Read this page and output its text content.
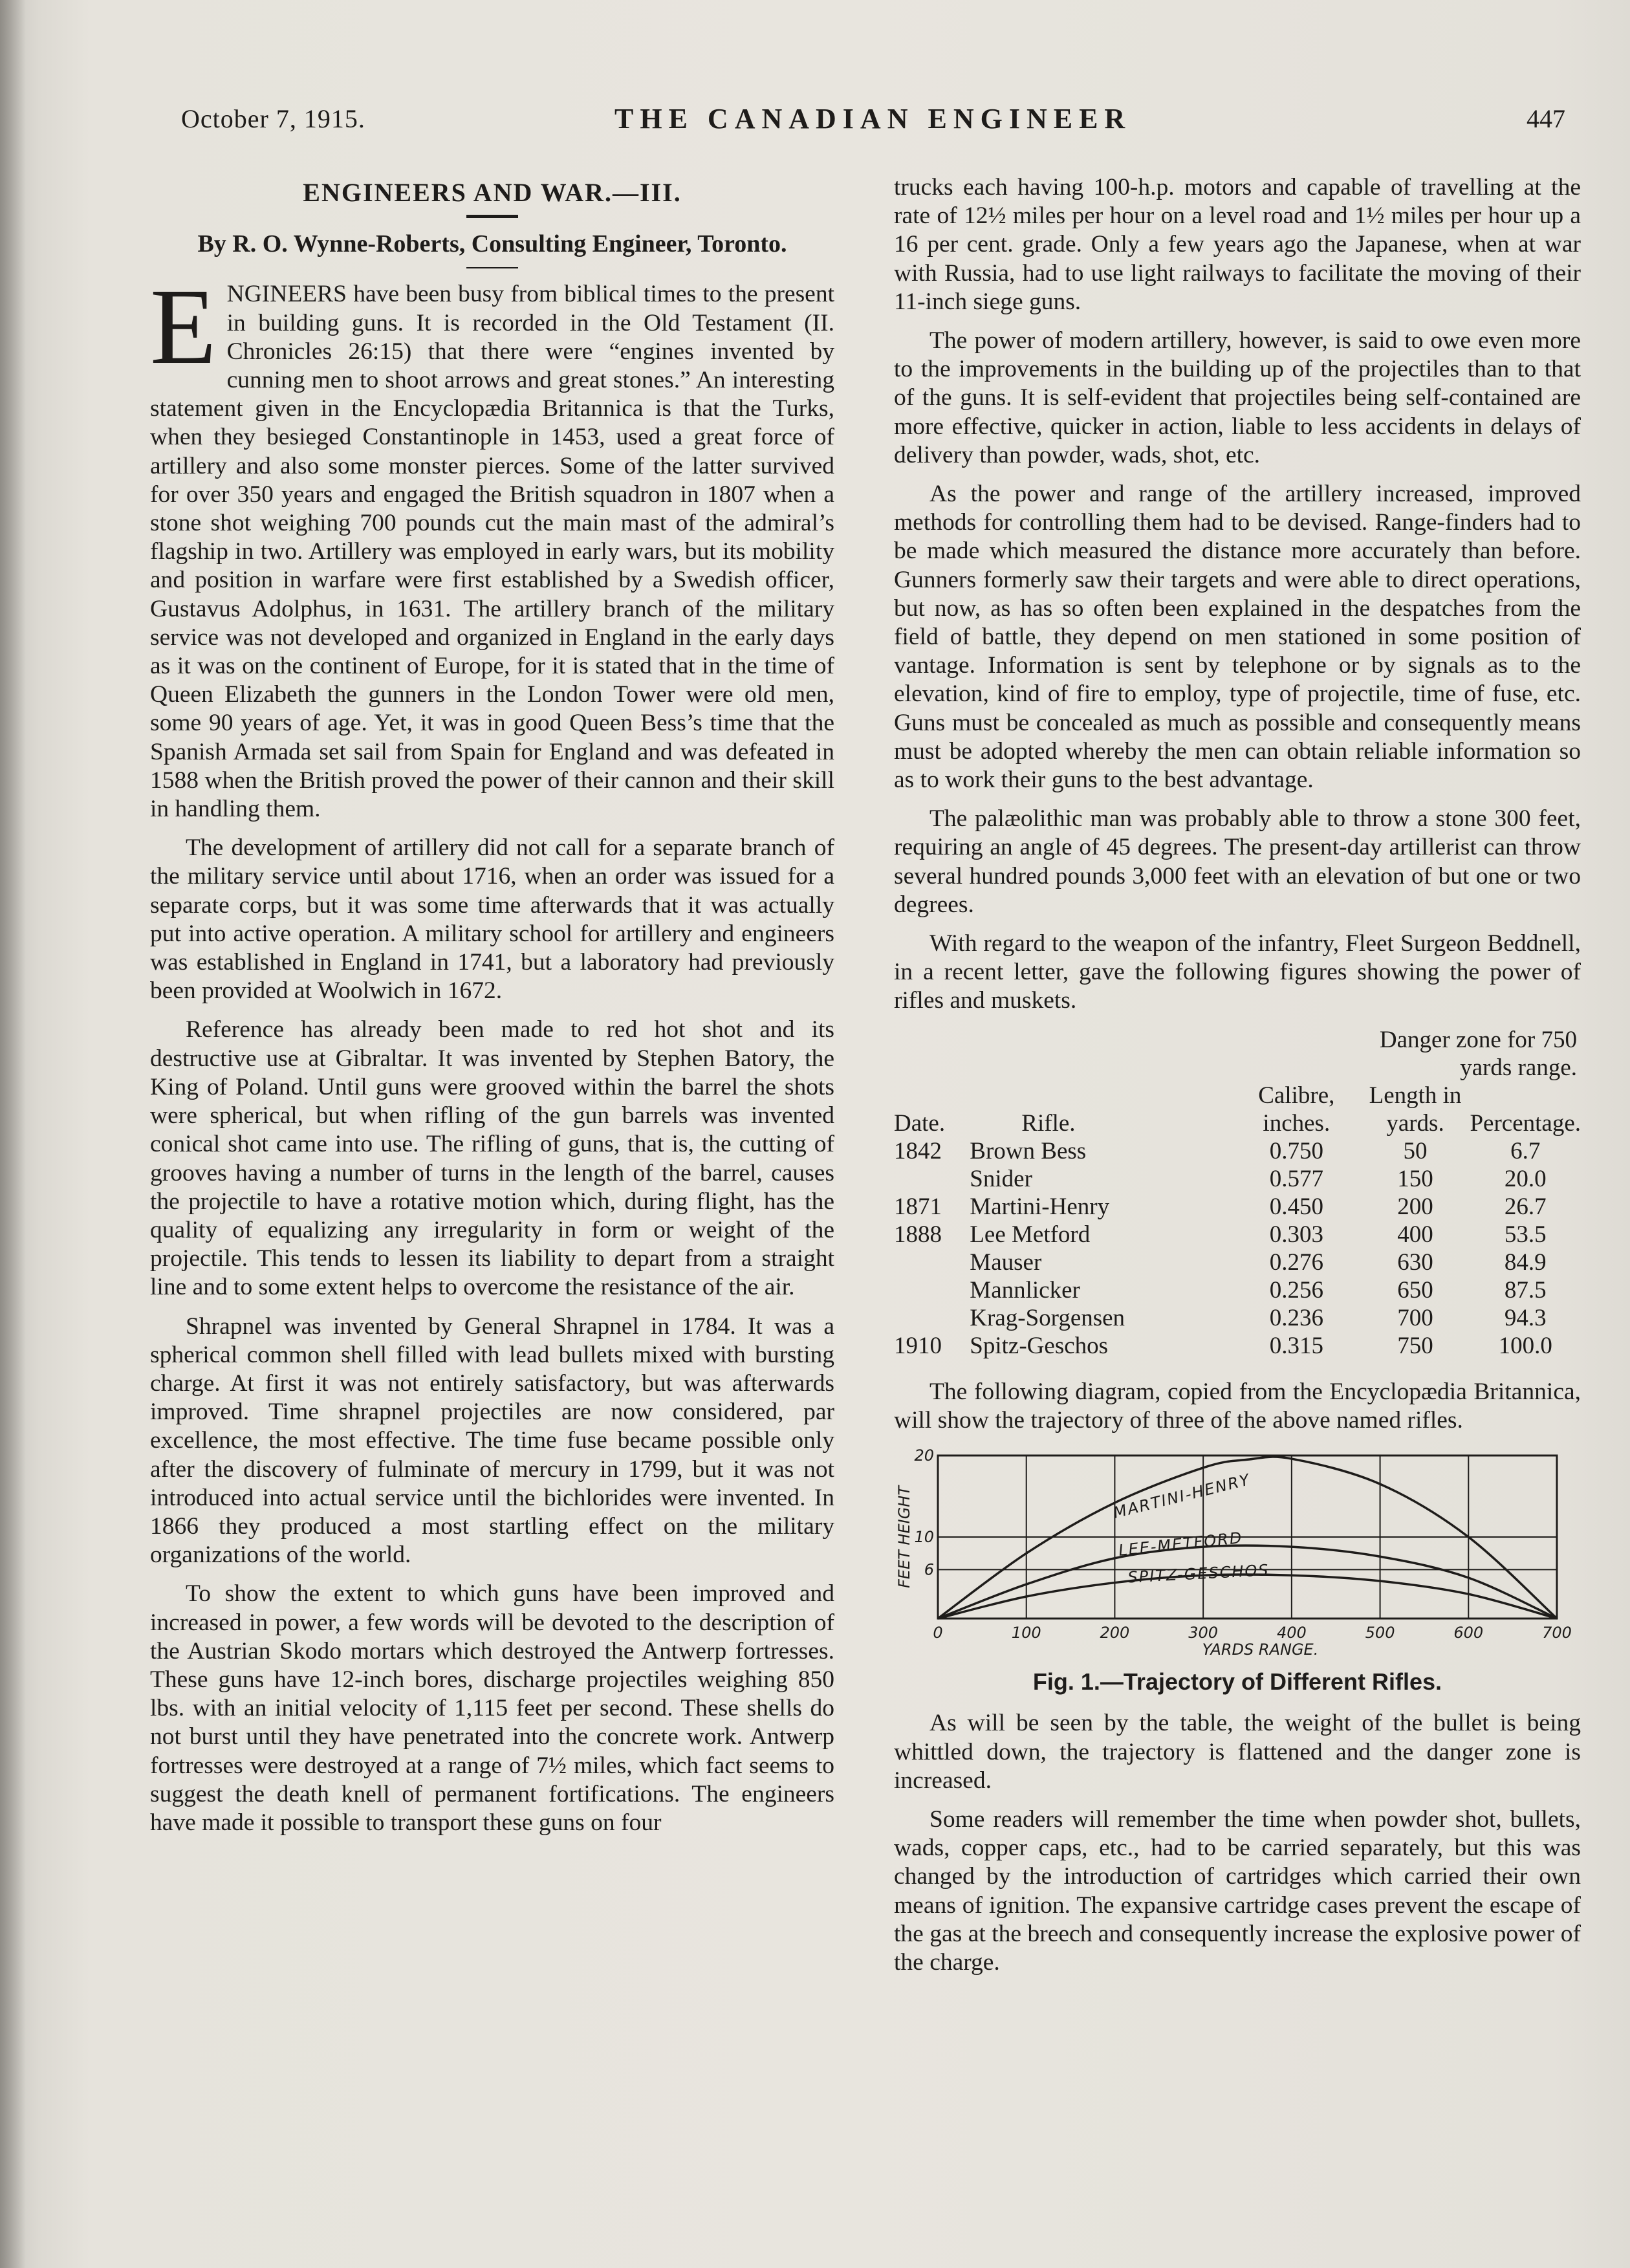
October 7, 1915.	THE CANADIAN ENGINEER	447
ENGINEERS AND WAR.—III.
By R. O. Wynne-Roberts, Consulting Engineer, Toronto.

ENGINEERS have been busy from biblical times to the present in building guns. It is recorded in the Old Testament (II. Chronicles 26:15) that there were “engines invented by cunning men to shoot arrows and great stones.” An interesting statement given in the Encyclopædia Britannica is that the Turks, when they besieged Constantinople in 1453, used a great force of artillery and also some monster pierces. Some of the latter survived for over 350 years and engaged the British squadron in 1807 when a stone shot weighing 700 pounds cut the main mast of the admiral’s flagship in two. Artillery was employed in early wars, but its mobility and position in warfare were first established by a Swedish officer, Gustavus Adolphus, in 1631. The artillery branch of the military service was not developed and organized in England in the early days as it was on the continent of Europe, for it is stated that in the time of Queen Elizabeth the gunners in the London Tower were old men, some 90 years of age. Yet, it was in good Queen Bess’s time that the Spanish Armada set sail from Spain for England and was defeated in 1588 when the British proved the power of their cannon and their skill in handling them.

The development of artillery did not call for a separate branch of the military service until about 1716, when an order was issued for a separate corps, but it was some time afterwards that it was actually put into active operation. A military school for artillery and engineers was established in England in 1741, but a laboratory had previously been provided at Woolwich in 1672.

Reference has already been made to red hot shot and its destructive use at Gibraltar. It was invented by Stephen Batory, the King of Poland. Until guns were grooved within the barrel the shots were spherical, but when rifling of the gun barrels was invented conical shot came into use. The rifling of guns, that is, the cutting of grooves having a number of turns in the length of the barrel, causes the projectile to have a rotative motion which, during flight, has the quality of equalizing any irregularity in form or weight of the projectile. This tends to lessen its liability to depart from a straight line and to some extent helps to overcome the resistance of the air.

Shrapnel was invented by General Shrapnel in 1784. It was a spherical common shell filled with lead bullets mixed with bursting charge. At first it was not entirely satisfactory, but was afterwards improved. Time shrapnel projectiles are now considered, par excellence, the most effective. The time fuse became possible only after the discovery of fulminate of mercury in 1799, but it was not introduced into actual service until the bichlorides were invented. In 1866 they produced a most startling effect on the military organizations of the world.

To show the extent to which guns have been improved and increased in power, a few words will be devoted to the description of the Austrian Skodo mortars which destroyed the Antwerp fortresses. These guns have 12-inch bores, discharge projectiles weighing 850 lbs. with an initial velocity of 1,115 feet per second. These shells do not burst until they have penetrated into the concrete work. Antwerp fortresses were destroyed at a range of 7½ miles, which fact seems to suggest the death knell of permanent fortifications. The engineers have made it possible to transport these guns on four

trucks each having 100-h.p. motors and capable of travelling at the rate of 12½ miles per hour on a level road and 1½ miles per hour up a 16 per cent. grade. Only a few years ago the Japanese, when at war with Russia, had to use light railways to facilitate the moving of their 11-inch siege guns.

The power of modern artillery, however, is said to owe even more to the improvements in the building up of the projectiles than to that of the guns. It is self-evident that projectiles being self-contained are more effective, quicker in action, liable to less accidents in delays of delivery than powder, wads, shot, etc.

As the power and range of the artillery increased, improved methods for controlling them had to be devised. Range-finders had to be made which measured the distance more accurately than before. Gunners formerly saw their targets and were able to direct operations, but now, as has so often been explained in the despatches from the field of battle, they depend on men stationed in some position of vantage. Information is sent by telephone or by signals as to the elevation, kind of fire to employ, type of projectile, time of fuse, etc. Guns must be concealed as much as possible and consequently means must be adopted whereby the men can obtain reliable information so as to work their guns to the best advantage.

The palæolithic man was probably able to throw a stone 300 feet, requiring an angle of 45 degrees. The present-day artillerist can throw several hundred pounds 3,000 feet with an elevation of but one or two degrees.

With regard to the weapon of the infantry, Fleet Surgeon Beddnell, in a recent letter, gave the following figures showing the power of rifles and muskets.

Danger zone for 750				
yards range.				
		Calibre,	Length in	
Date.	Rifle.	inches.	yards.	Percentage.
1842	Brown Bess	0.750	50	6.7
	Snider	0.577	150	20.0
1871	Martini-Henry	0.450	200	26.7
1888	Lee Metford	0.303	400	53.5
	Mauser	0.276	630	84.9
	Mannlicker	0.256	650	87.5
	Krag-Sorgensen	0.236	700	94.3
1910	Spitz-Geschos	0.315	750	100.0

The following diagram, copied from the Encyclopædia Britannica, will show the trajectory of three of the above named rifles.

0	100	200	300	400	500	600	700
6
10
20
MARTINI-HENRY
LEE-METFORD
SPITZ-GESCHOS
FEET HEIGHT
YARDS RANGE.
Fig. 1.—Trajectory of Different Rifles.

As will be seen by the table, the weight of the bullet is being whittled down, the trajectory is flattened and the danger zone is increased.

Some readers will remember the time when powder shot, bullets, wads, copper caps, etc., had to be carried separately, but this was changed by the introduction of cartridges which carried their own means of ignition. The expansive cartridge cases prevent the escape of the gas at the breech and consequently increase the explosive power of the charge.
